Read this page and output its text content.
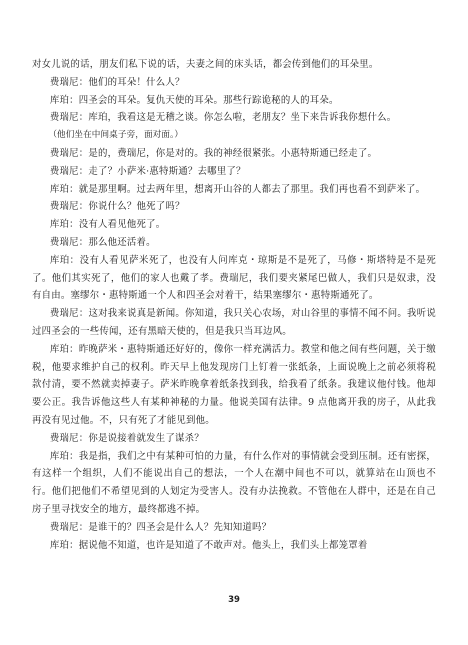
对女儿说的话，朋友们私下说的话，夫妻之间的床头话，都会传到他们的耳朵里。

费瑞尼：他们的耳朵！什么人？

库珀：四圣会的耳朵。复仇天使的耳朵。那些行踪诡秘的人的耳朵。

费瑞尼：库珀，我看这是无稽之谈。你怎么啦，老朋友？坐下来告诉我你想什么。

（他们坐在中间桌子旁，面对面。）

费瑞尼：是的，费瑞尼，你是对的。我的神经很紧张。小惠特斯通已经走了。

费瑞尼：走了？小萨米·惠特斯通？去哪里了？

库珀：就是那里啊。过去两年里，想离开山谷的人都去了那里。我们再也看不到萨米了。

费瑞尼：你说什么？他死了吗？

库珀：没有人看见他死了。

费瑞尼：那么他还活着。

库珀：没有人看见萨米死了，也没有人问库克・琼斯是不是死了，马修・斯塔特是不是死了。他们其实死了，他们的家人也戴了孝。费瑞尼，我们要夹紧尾巴做人，我们只是奴隶，没有自由。塞缪尔・惠特斯通一个人和四圣会对着干，结果塞缪尔・惠特斯通死了。

费瑞尼：这对我来说真是新闻。你知道，我只关心农场，对山谷里的事情不闻不问。我听说过四圣会的一些传闻，还有黑暗天使的，但是我只当耳边风。

库珀：昨晚萨米・惠特斯通还好好的，像你一样充满活力。教堂和他之间有些问题，关于缴税，他要求维护自己的权利。昨天早上他发现房门上钉着一张纸条，上面说晚上之前必须将税款付清，要不然就卖掉妻子。萨米昨晚拿着纸条找到我，给我看了纸条。我建议他付钱。他却要公正。我告诉他这些人有某种神秘的力量。他说美国有法律。9 点他离开我的房子，从此我再没有见过他。不，只有死了才能见到他。

费瑞尼：你是说接着就发生了谋杀？

库珀：我是指，我们之中有某种可怕的力量，有什么作对的事情就会受到压制。还有密探，有这样一个组织，人们不能说出自己的想法，一个人在潮中间也不可以，就算站在山顶也不行。他们把他们不希望见到的人划定为受害人。没有办法挽救。不管他在人群中，还是在自己房子里寻找安全的地方，最终都逃不掉。

费瑞尼：是谁干的？四圣会是什么人？先知知道吗？

库珀：据说他不知道，也许是知道了不敢声对。他头上，我们头上都笼罩着

39
